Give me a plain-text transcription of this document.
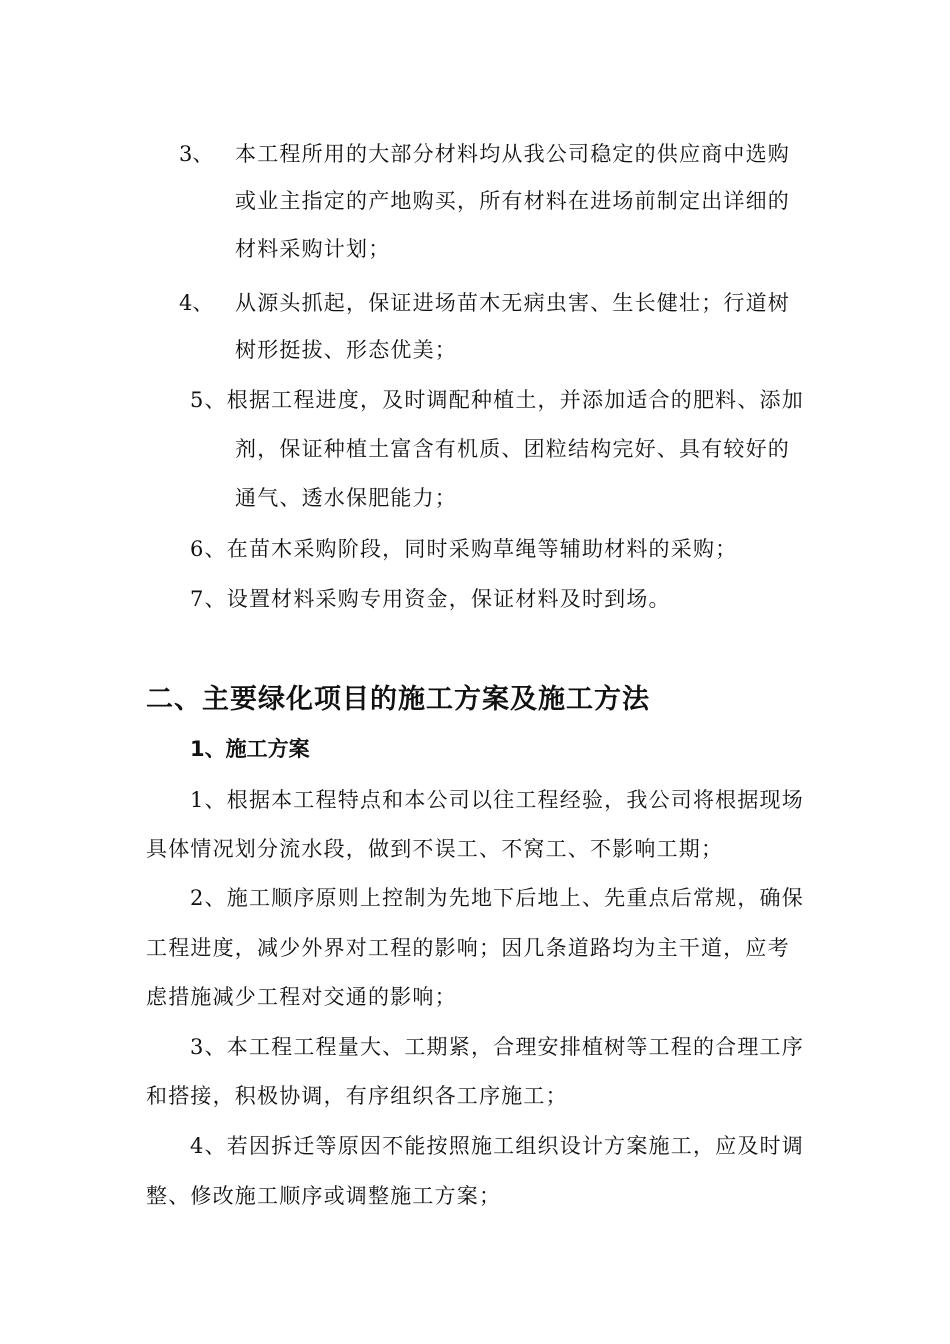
3、 本工程所用的大部分材料均从我公司稳定的供应商中选购
或业主指定的产地购买，所有材料在进场前制定出详细的
材料采购计划；
4、 从源头抓起，保证进场苗木无病虫害、生长健壮；行道树
树形挺拔、形态优美；
5、根据工程进度，及时调配种植土，并添加适合的肥料、添加
剂，保证种植土富含有机质、团粒结构完好、具有较好的
通气、透水保肥能力；
6、在苗木采购阶段，同时采购草绳等辅助材料的采购；
7、设置材料采购专用资金，保证材料及时到场。
二、主要绿化项目的施工方案及施工方法
1、施工方案
1、根据本工程特点和本公司以往工程经验，我公司将根据现场
具体情况划分流水段，做到不误工、不窝工、不影响工期；
2、施工顺序原则上控制为先地下后地上、先重点后常规，确保
工程进度，减少外界对工程的影响；因几条道路均为主干道，应考
虑措施减少工程对交通的影响；
3、本工程工程量大、工期紧，合理安排植树等工程的合理工序
和搭接，积极协调，有序组织各工序施工；
4、若因拆迁等原因不能按照施工组织设计方案施工，应及时调
整、修改施工顺序或调整施工方案；
